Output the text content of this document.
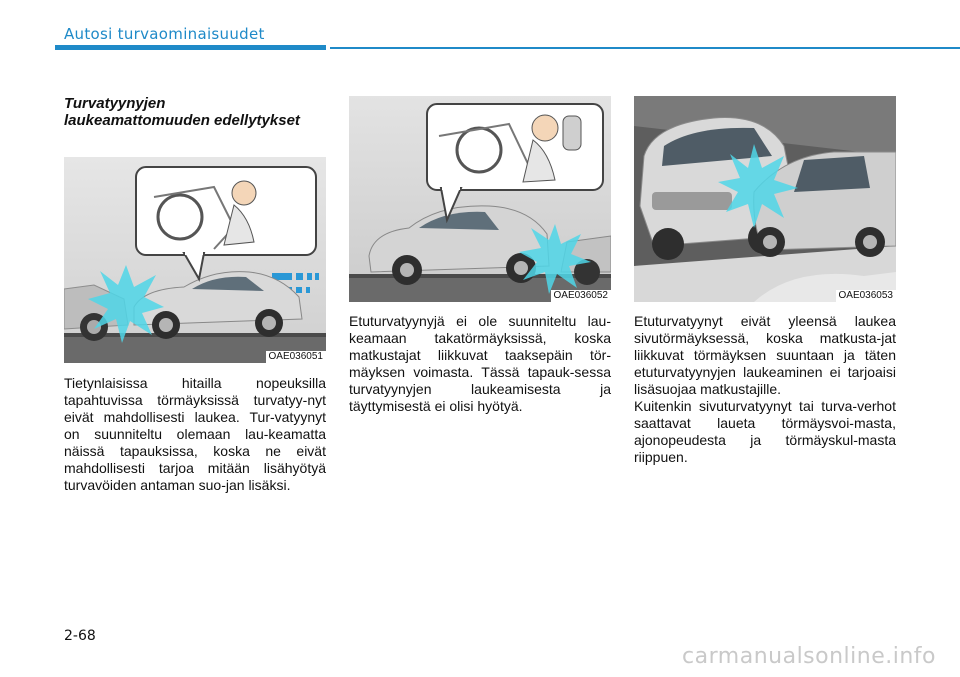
Autosi turvaominaisuudet
Turvatyynyjen laukeamattomuuden edellytykset
OAE036051
OAE036052	OAE036053

Tietynlaisissa hitailla nopeuksilla tapahtuvissa törmäyksissä turvatyy-nyt eivät mahdollisesti laukea. Tur-vatyynyt on suunniteltu olemaan lau-keamatta näissä tapauksissa, koska ne eivät mahdollisesti tarjoa mitään lisähyötyä turvavöiden antaman suo-jan lisäksi.

Etuturvatyynyjä ei ole suunniteltu lau-keamaan takatörmäyksissä, koska matkustajat liikkuvat taaksepäin tör-mäyksen voimasta. Tässä tapauk-sessa turvatyynyjen laukeamisesta ja täyttymisestä ei olisi hyötyä.

Etuturvatyynyt eivät yleensä laukea sivutörmäyksessä, koska matkusta-jat liikkuvat törmäyksen suuntaan ja täten etuturvatyynyjen laukeaminen ei tarjoaisi lisäsuojaa matkustajille.

Kuitenkin sivuturvatyynyt tai turva-verhot saattavat laueta törmäysvoi-masta, ajonopeudesta ja törmäyskul-masta riippuen.

2-68
carmanualsonline.info
